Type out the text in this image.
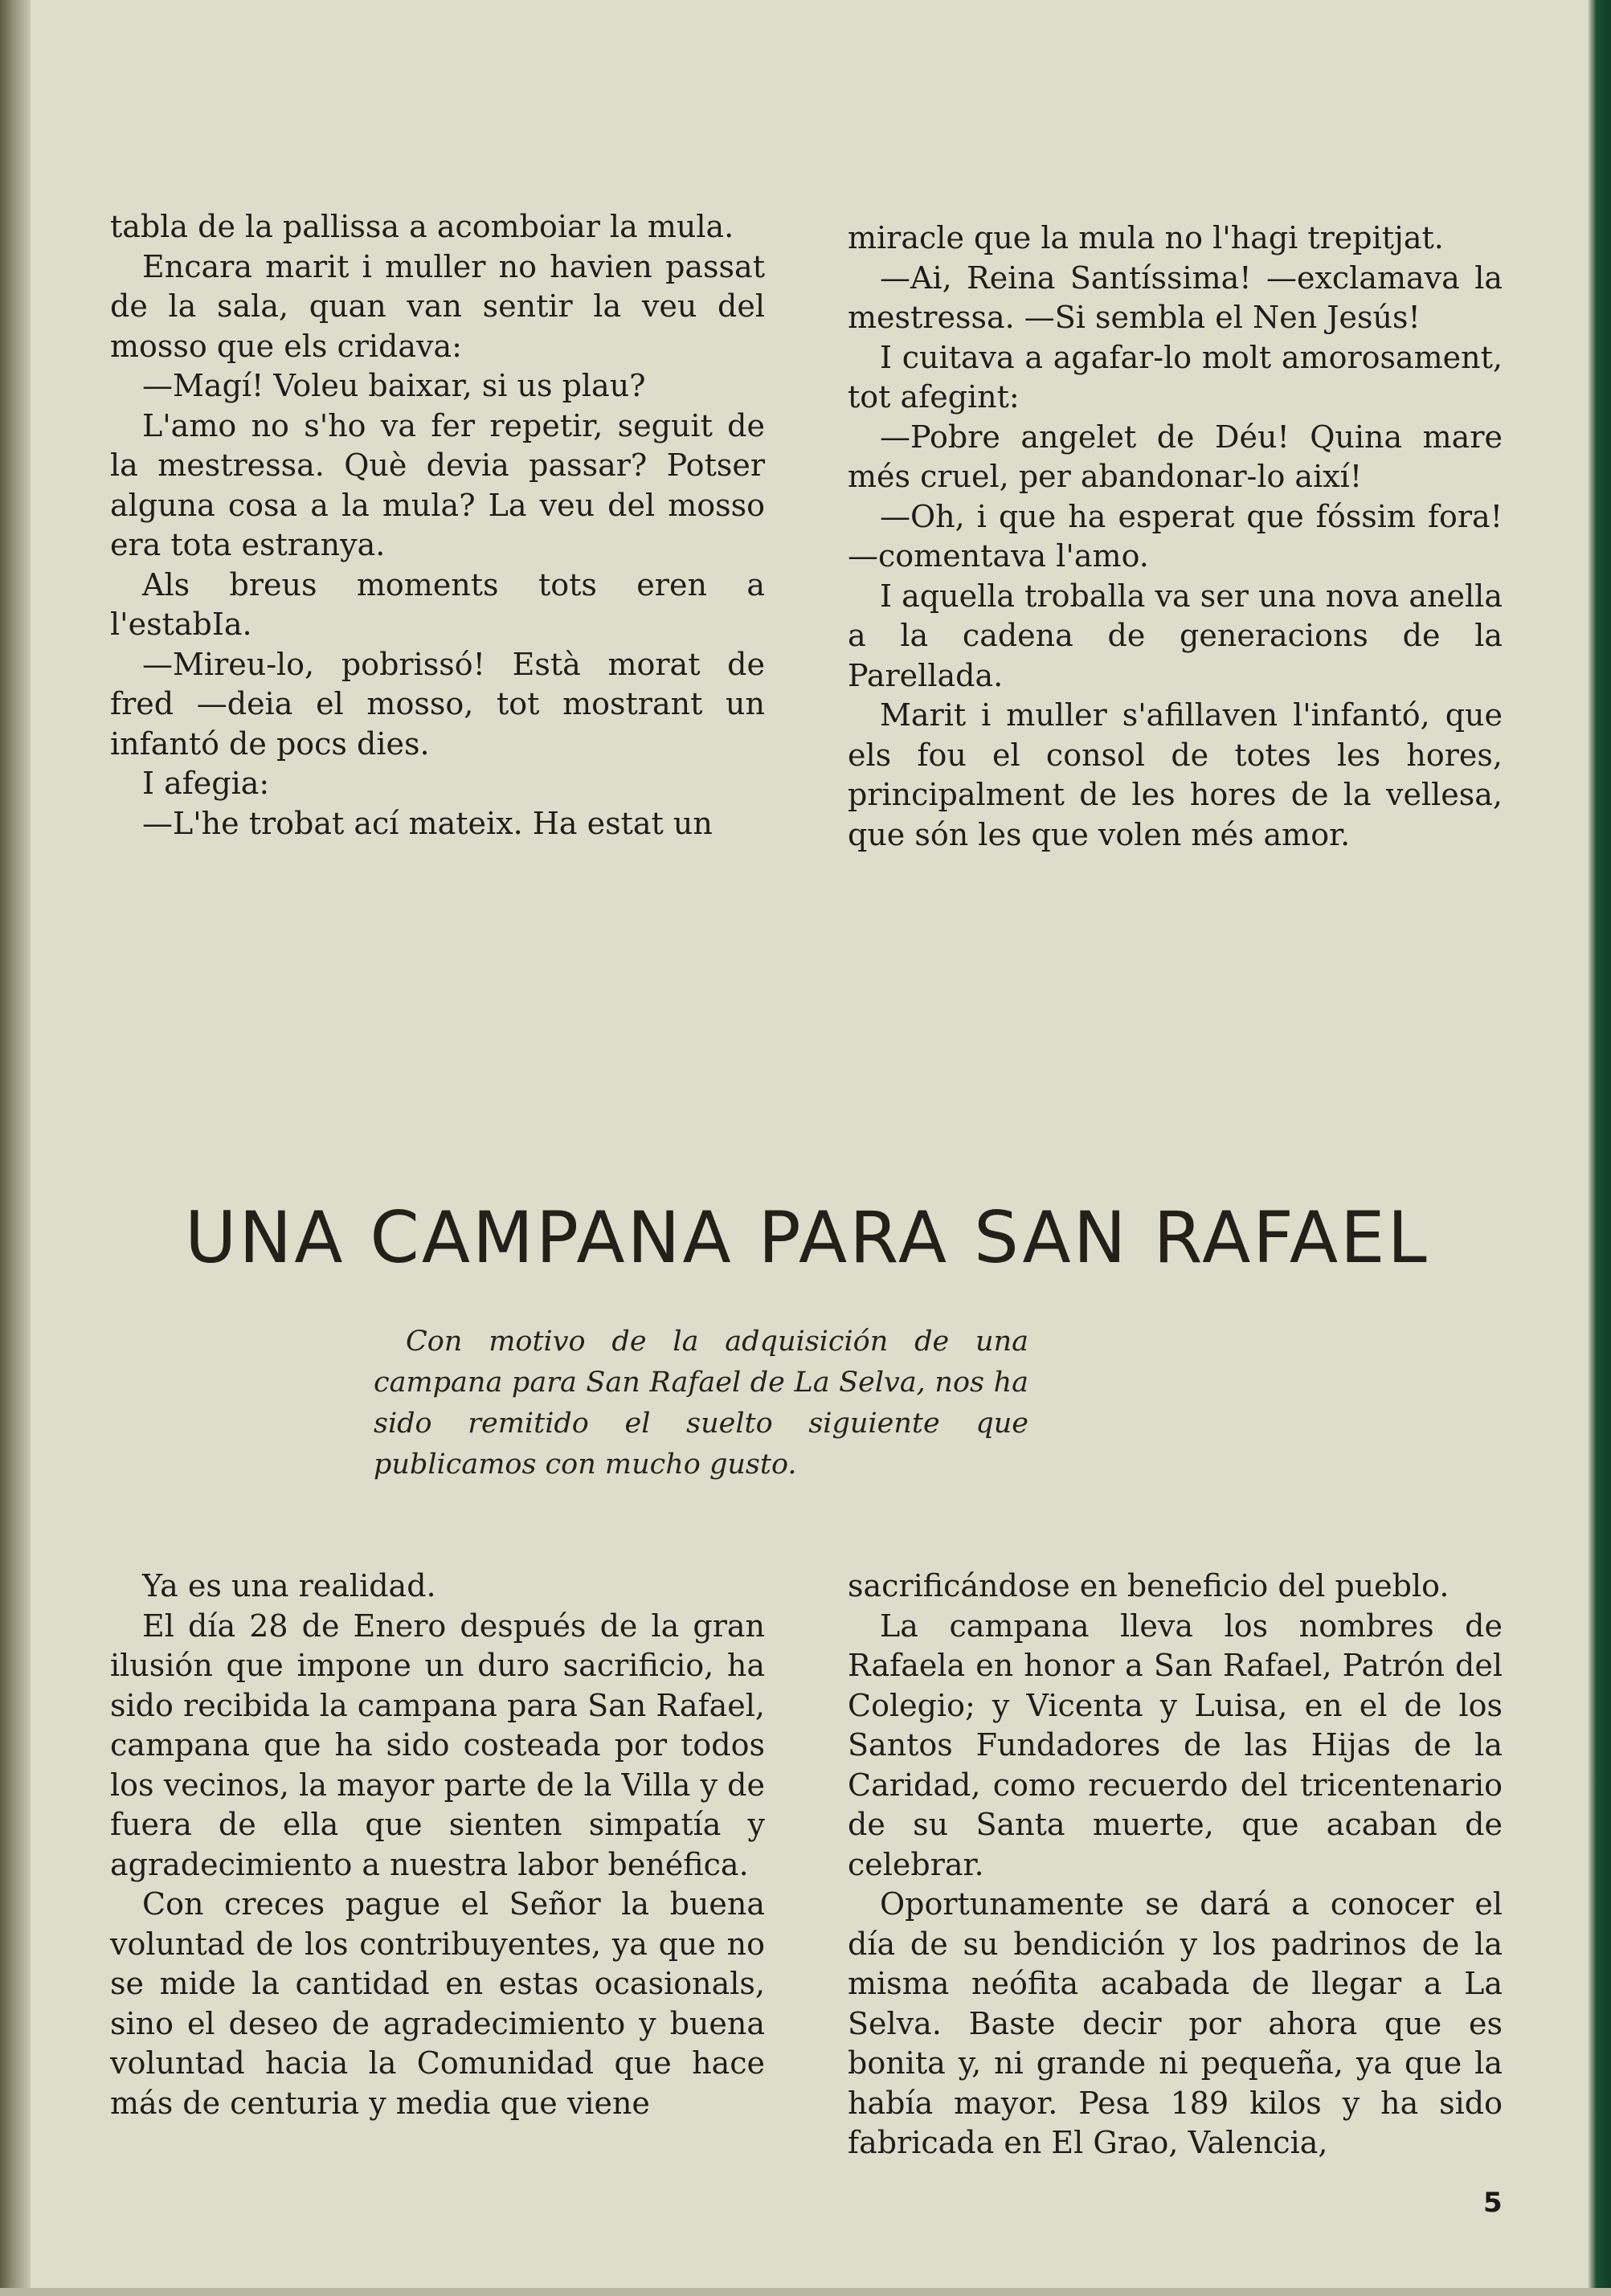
tabla de la pallissa a acomboiar la mula.

Encara marit i muller no havien passat de la sala, quan van sentir la veu del mosso que els cridava:

—Magí! Voleu baixar, si us plau?

L'amo no s'ho va fer repetir, seguit de la mestressa. Què devia passar? Potser alguna cosa a la mula? La veu del mosso era tota estranya.

Als breus moments tots eren a l'estabIa.

—Mireu-lo, pobrissó! Està morat de fred —deia el mosso, tot mostrant un infantó de pocs dies.

I afegia:

—L'he trobat ací mateix. Ha estat un

miracle que la mula no l'hagi trepitjat.

—Ai, Reina Santíssima! —exclamava la mestressa. —Si sembla el Nen Jesús!

I cuitava a agafar-lo molt amorosament, tot afegint:

—Pobre angelet de Déu! Quina mare més cruel, per abandonar-lo així!

—Oh, i que ha esperat que fóssim fora! —comentava l'amo.

I aquella troballa va ser una nova anella a la cadena de generacions de la Parellada.

Marit i muller s'afillaven l'infantó, que els fou el consol de totes les hores, principalment de les hores de la vellesa, que són les que volen més amor.

UNA CAMPANA PARA SAN RAFAEL

Con motivo de la adquisición de una campana para San Rafael de La Selva, nos ha sido remitido el suelto siguiente que publicamos con mucho gusto.

Ya es una realidad.

El día 28 de Enero después de la gran ilusión que impone un duro sacrificio, ha sido recibida la campana para San Rafael, campana que ha sido costeada por todos los vecinos, la mayor parte de la Villa y de fuera de ella que sienten simpatía y agradecimiento a nuestra labor benéfica.

Con creces pague el Señor la buena voluntad de los contribuyentes, ya que no se mide la cantidad en estas ocasionals, sino el deseo de agradecimiento y buena voluntad hacia la Comunidad que hace más de centuria y media que viene

sacrificándose en beneficio del pueblo.

La campana lleva los nombres de Rafaela en honor a San Rafael, Patrón del Colegio; y Vicenta y Luisa, en el de los Santos Fundadores de las Hijas de la Caridad, como recuerdo del tricentenario de su Santa muerte, que acaban de celebrar.

Oportunamente se dará a conocer el día de su bendición y los padrinos de la misma neófita acabada de llegar a La Selva. Baste decir por ahora que es bonita y, ni grande ni pequeña, ya que la había mayor. Pesa 189 kilos y ha sido fabricada en El Grao, Valencia,

5
